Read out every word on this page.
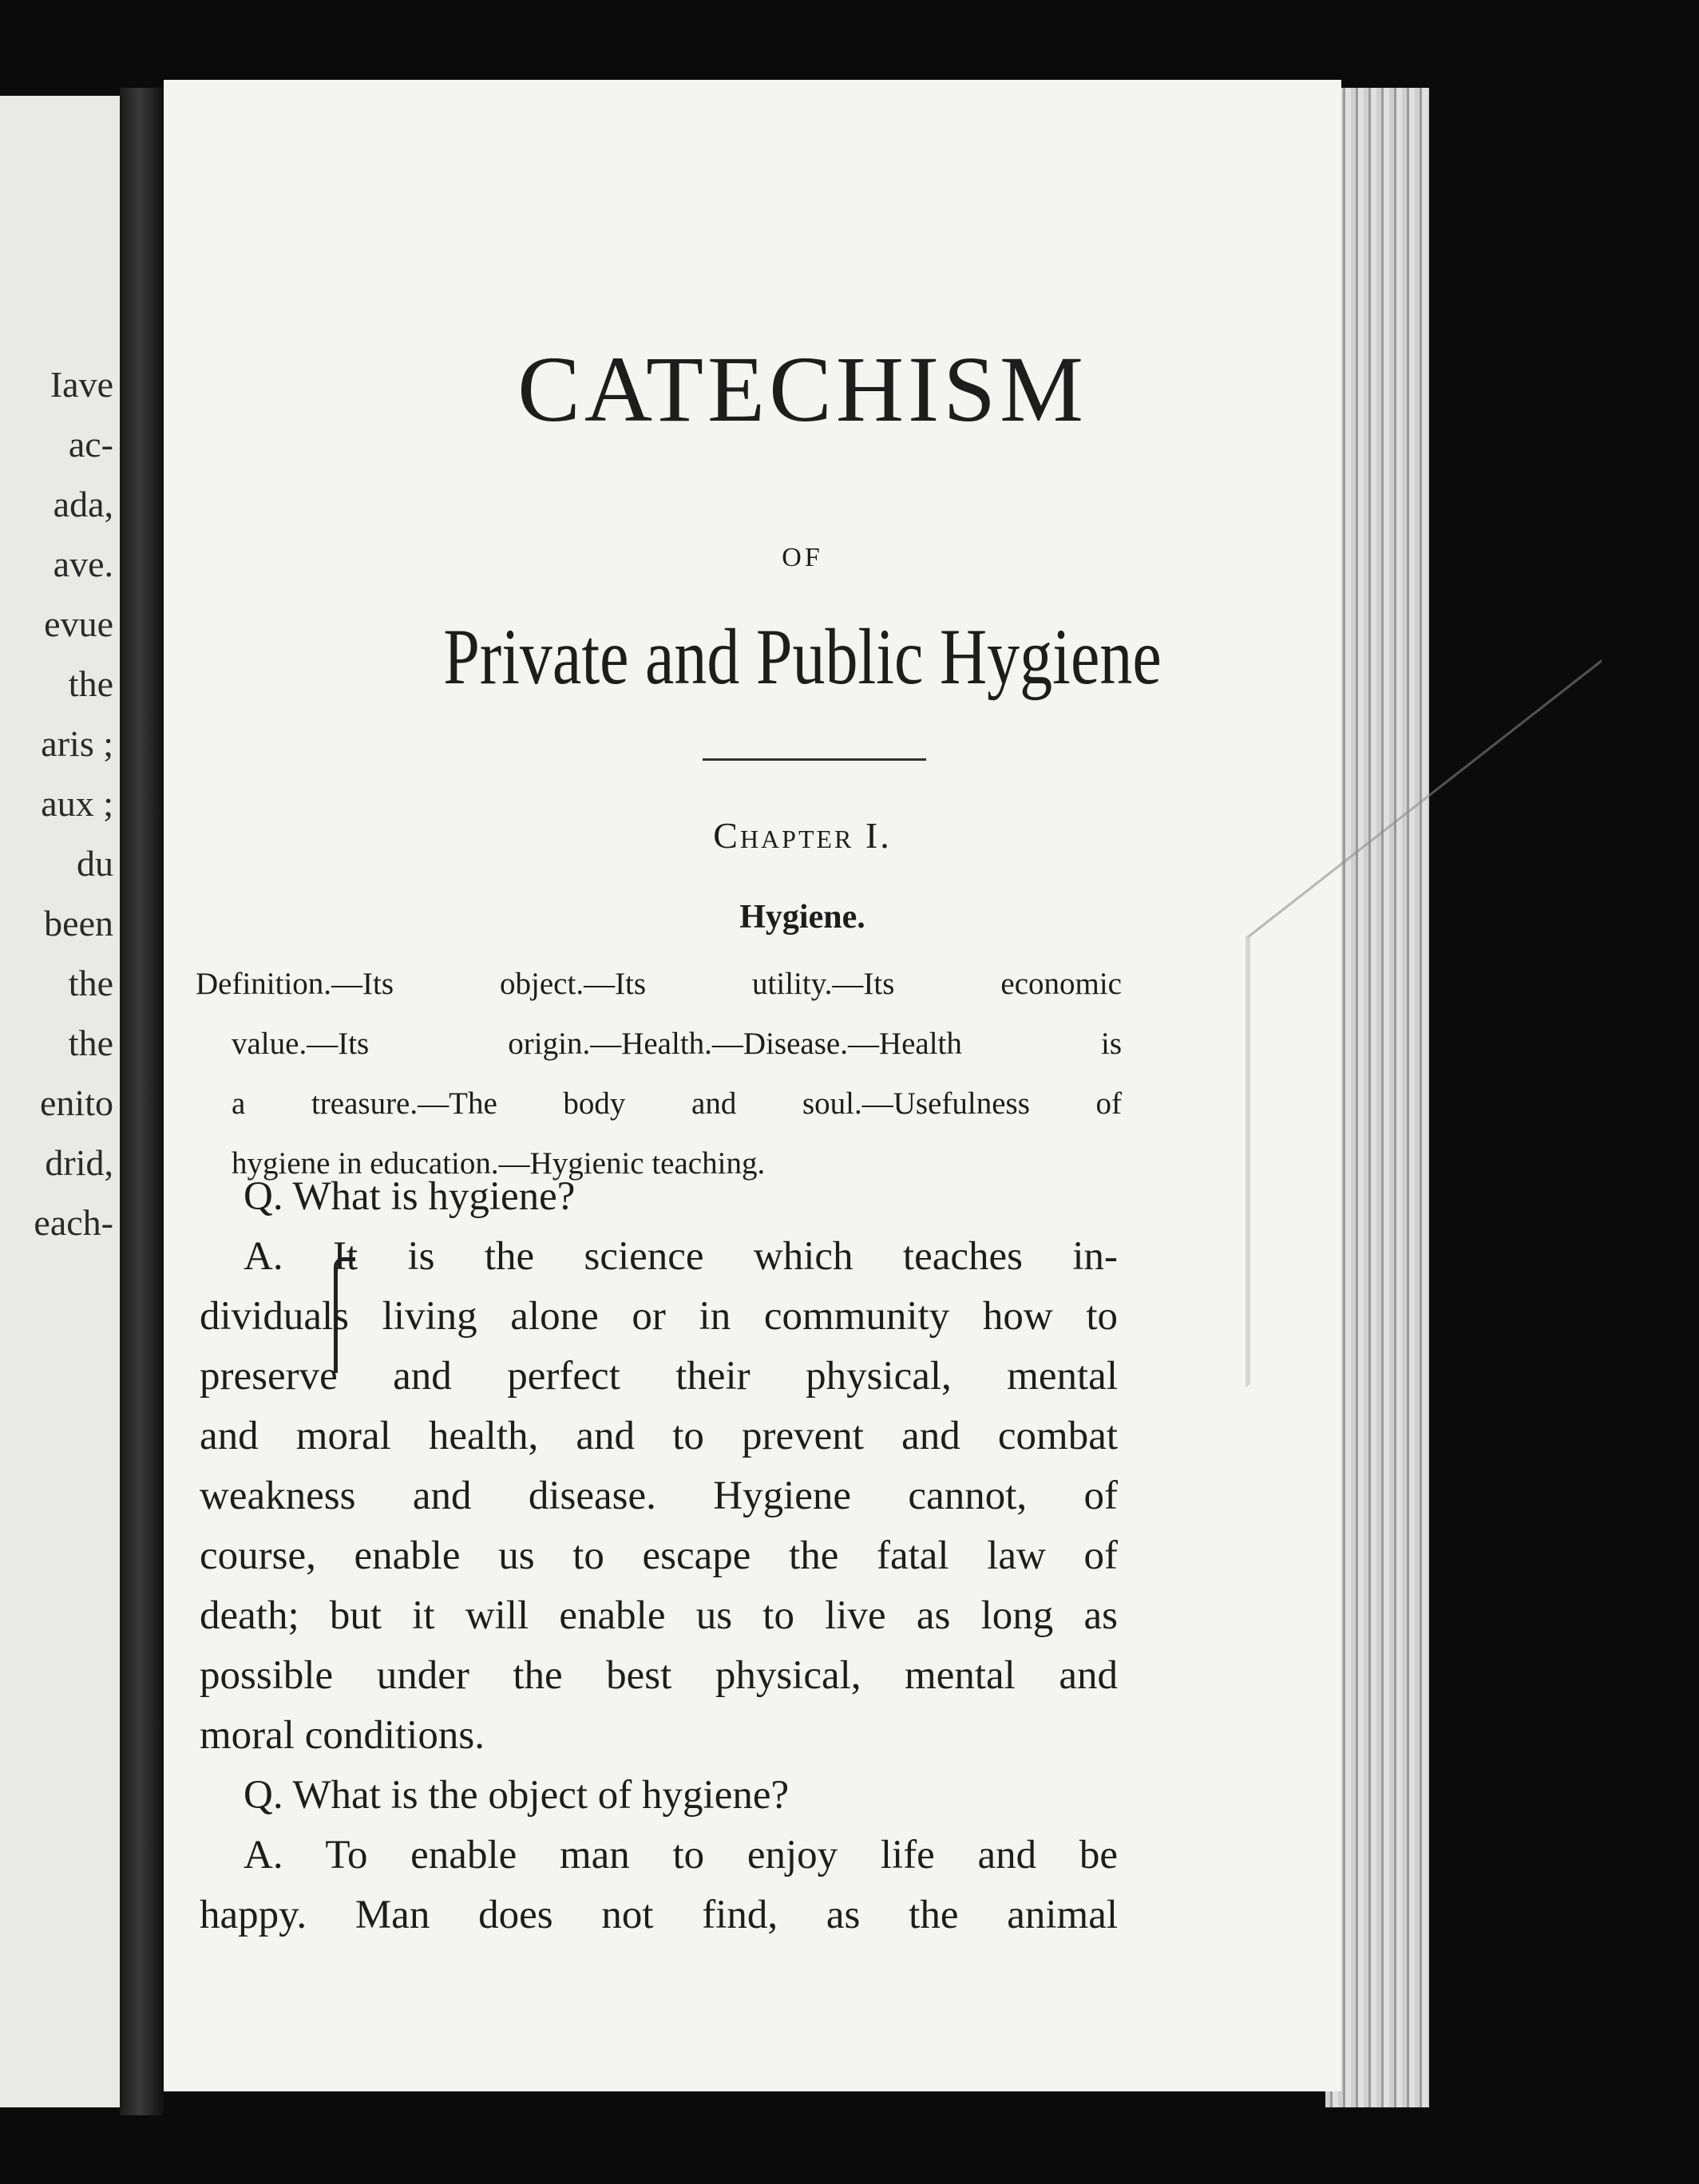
Iave
ac-
ada,
ave.
evue
the
aris ;
aux ;
du
been
the
the
enito
drid,
each-
CATECHISM
OF
Private and Public Hygiene
Chapter I.
Hygiene.
Definition.—Its object.—Its utility.—Its economic
value.—Its origin.—Health.—Disease.—Health is
a treasure.—The body and soul.—Usefulness of
hygiene in education.—Hygienic teaching.
Q. What is hygiene?
A. It is the science which teaches in-
dividuals living alone or in community how to
preserve and perfect their physical, mental
and moral health, and to prevent and combat
weakness and disease. Hygiene cannot, of
course, enable us to escape the fatal law of
death; but it will enable us to live as long as
possible under the best physical, mental and
moral conditions.
Q. What is the object of hygiene?
A. To enable man to enjoy life and be
happy. Man does not find, as the animal
